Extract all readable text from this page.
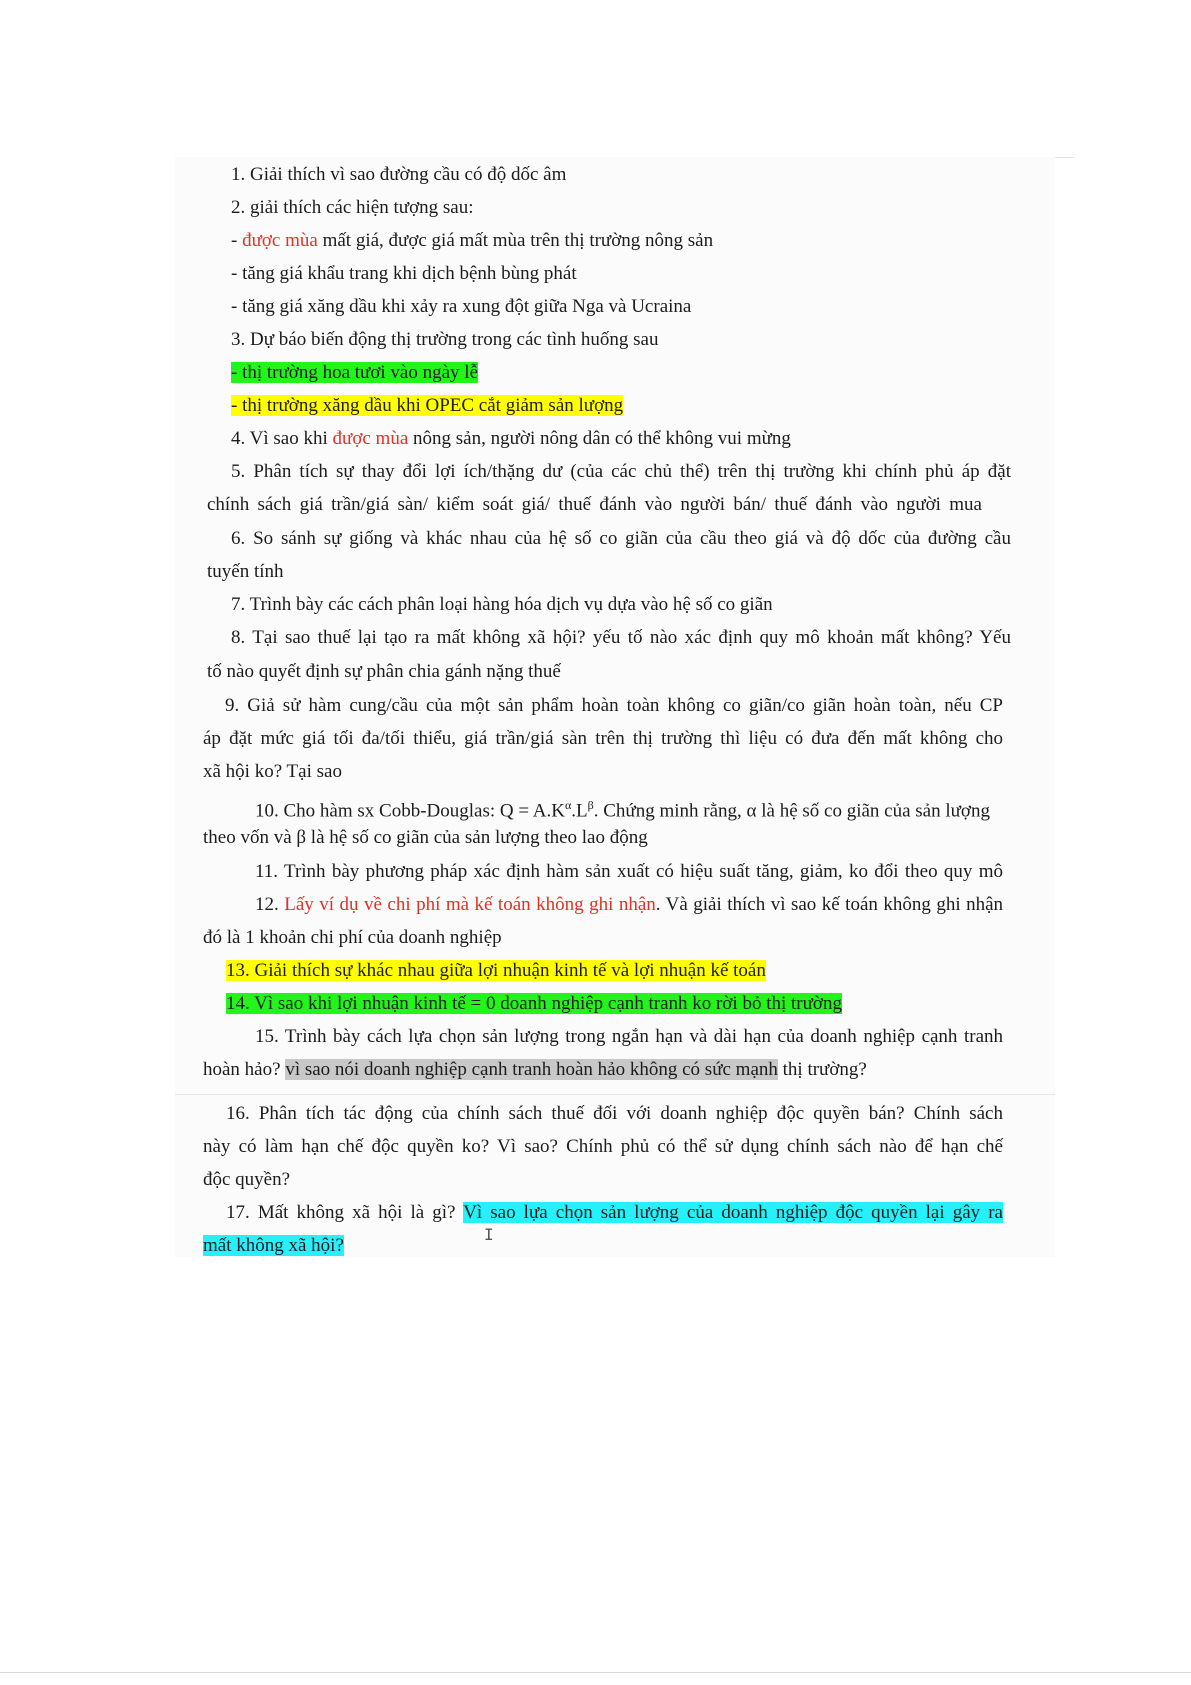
1. Giải thích vì sao đường cầu có độ dốc âm
2. giải thích các hiện tượng sau:
- được mùa mất giá, được giá mất mùa trên thị trường nông sản
- tăng giá khẩu trang khi dịch bệnh bùng phát
- tăng giá xăng dầu khi xảy ra xung đột giữa Nga và Ucraina
3. Dự báo biến động thị trường trong các tình huống sau
- thị trường hoa tươi vào ngày lễ
- thị trường xăng dầu khi OPEC cắt giảm sản lượng
4. Vì sao khi được mùa nông sản, người nông dân có thể không vui mừng
5. Phân tích sự thay đổi lợi ích/thặng dư (của các chủ thể) trên thị trường khi chính phủ áp đặt
chính sách giá trần/giá sàn/ kiểm soát giá/ thuế đánh vào người bán/ thuế đánh vào người mua
6. So sánh sự giống và khác nhau của hệ số co giãn của cầu theo giá và độ dốc của đường cầu
tuyến tính
7. Trình bày các cách phân loại hàng hóa dịch vụ dựa vào hệ số co giãn
8. Tại sao thuế lại tạo ra mất không xã hội? yếu tố nào xác định quy mô khoản mất không? Yếu
tố nào quyết định sự phân chia gánh nặng thuế
9. Giả sử hàm cung/cầu của một sản phẩm hoàn toàn không co giãn/co giãn hoàn toàn, nếu CP
áp đặt mức giá tối đa/tối thiểu, giá trần/giá sàn trên thị trường thì liệu có đưa đến mất không cho
xã hội ko? Tại sao
10. Cho hàm sx Cobb-Douglas: $Q = A.K^\alpha.L^\beta$. Chứng minh rằng, α là hệ số co giãn của sản lượng
theo vốn và β là hệ số co giãn của sản lượng theo lao động
11. Trình bày phương pháp xác định hàm sản xuất có hiệu suất tăng, giảm, ko đổi theo quy mô
12. Lấy ví dụ về chi phí mà kế toán không ghi nhận. Và giải thích vì sao kế toán không ghi nhận
đó là 1 khoản chi phí của doanh nghiệp
13. Giải thích sự khác nhau giữa lợi nhuận kinh tế và lợi nhuận kế toán
14. Vì sao khi lợi nhuận kinh tế = 0 doanh nghiệp cạnh tranh ko rời bỏ thị trường
15. Trình bày cách lựa chọn sản lượng trong ngắn hạn và dài hạn của doanh nghiệp cạnh tranh
hoàn hảo? vì sao nói doanh nghiệp cạnh tranh hoàn hảo không có sức mạnh thị trường?
16. Phân tích tác động của chính sách thuế đối với doanh nghiệp độc quyền bán? Chính sách
này có làm hạn chế độc quyền ko? Vì sao? Chính phủ có thể sử dụng chính sách nào để hạn chế
độc quyền?
17. Mất không xã hội là gì? Vì sao lựa chọn sản lượng của doanh nghiệp độc quyền lại gây ra
mất không xã hội?
I
